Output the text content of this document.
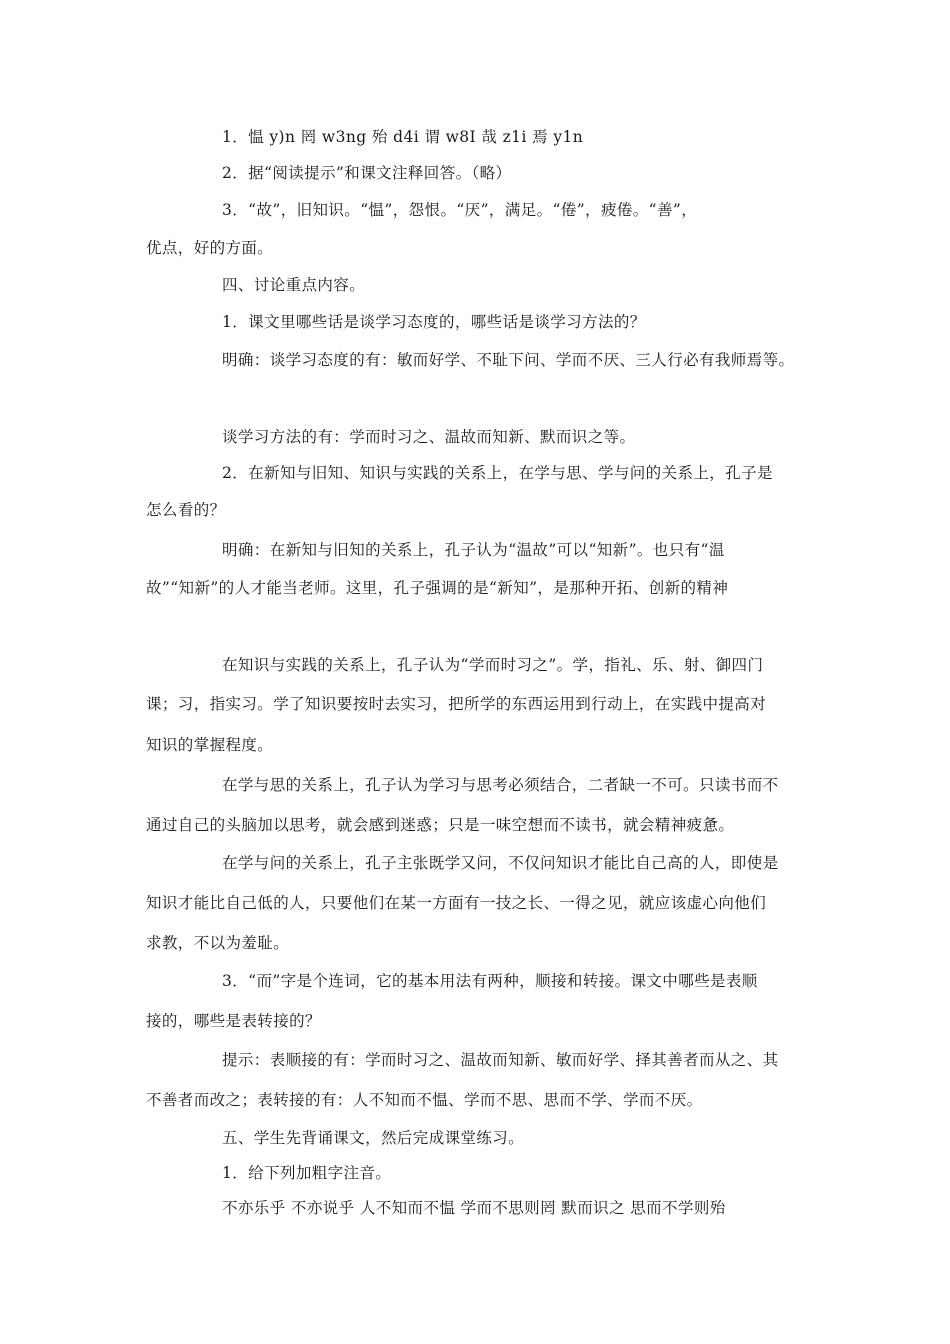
1．愠 y)n 罔 w3ng 殆 d4i 谓 w8I 哉 z1i 焉 y1n
2．据“阅读提示”和课文注释回答。（略）
3．“故”，旧知识。“愠”，怨恨。“厌”，满足。“倦”，疲倦。“善”，
优点，好的方面。
四、讨论重点内容。
1．课文里哪些话是谈学习态度的，哪些话是谈学习方法的？
明确：谈学习态度的有：敏而好学、不耻下问、学而不厌、三人行必有我师焉等。
谈学习方法的有：学而时习之、温故而知新、默而识之等。
2．在新知与旧知、知识与实践的关系上，在学与思、学与问的关系上，孔子是
怎么看的？
明确：在新知与旧知的关系上，孔子认为“温故”可以“知新”。也只有“温
故”“知新”的人才能当老师。这里，孔子强调的是“新知”，是那种开拓、创新的精神
在知识与实践的关系上，孔子认为“学而时习之”。学，指礼、乐、射、御四门
课；习，指实习。学了知识要按时去实习，把所学的东西运用到行动上，在实践中提高对
知识的掌握程度。
在学与思的关系上，孔子认为学习与思考必须结合，二者缺一不可。只读书而不
通过自己的头脑加以思考，就会感到迷惑；只是一味空想而不读书，就会精神疲惫。
在学与问的关系上，孔子主张既学又问，不仅问知识才能比自己高的人，即使是
知识才能比自己低的人，只要他们在某一方面有一技之长、一得之见，就应该虚心向他们
求教，不以为羞耻。
3．“而”字是个连词，它的基本用法有两种，顺接和转接。课文中哪些是表顺
接的，哪些是表转接的？
提示：表顺接的有：学而时习之、温故而知新、敏而好学、择其善者而从之、其
不善者而改之；表转接的有：人不知而不愠、学而不思、思而不学、学而不厌。
五、学生先背诵课文，然后完成课堂练习。
1．给下列加粗字注音。
不亦乐乎 不亦说乎 人不知而不愠 学而不思则罔 默而识之 思而不学则殆
